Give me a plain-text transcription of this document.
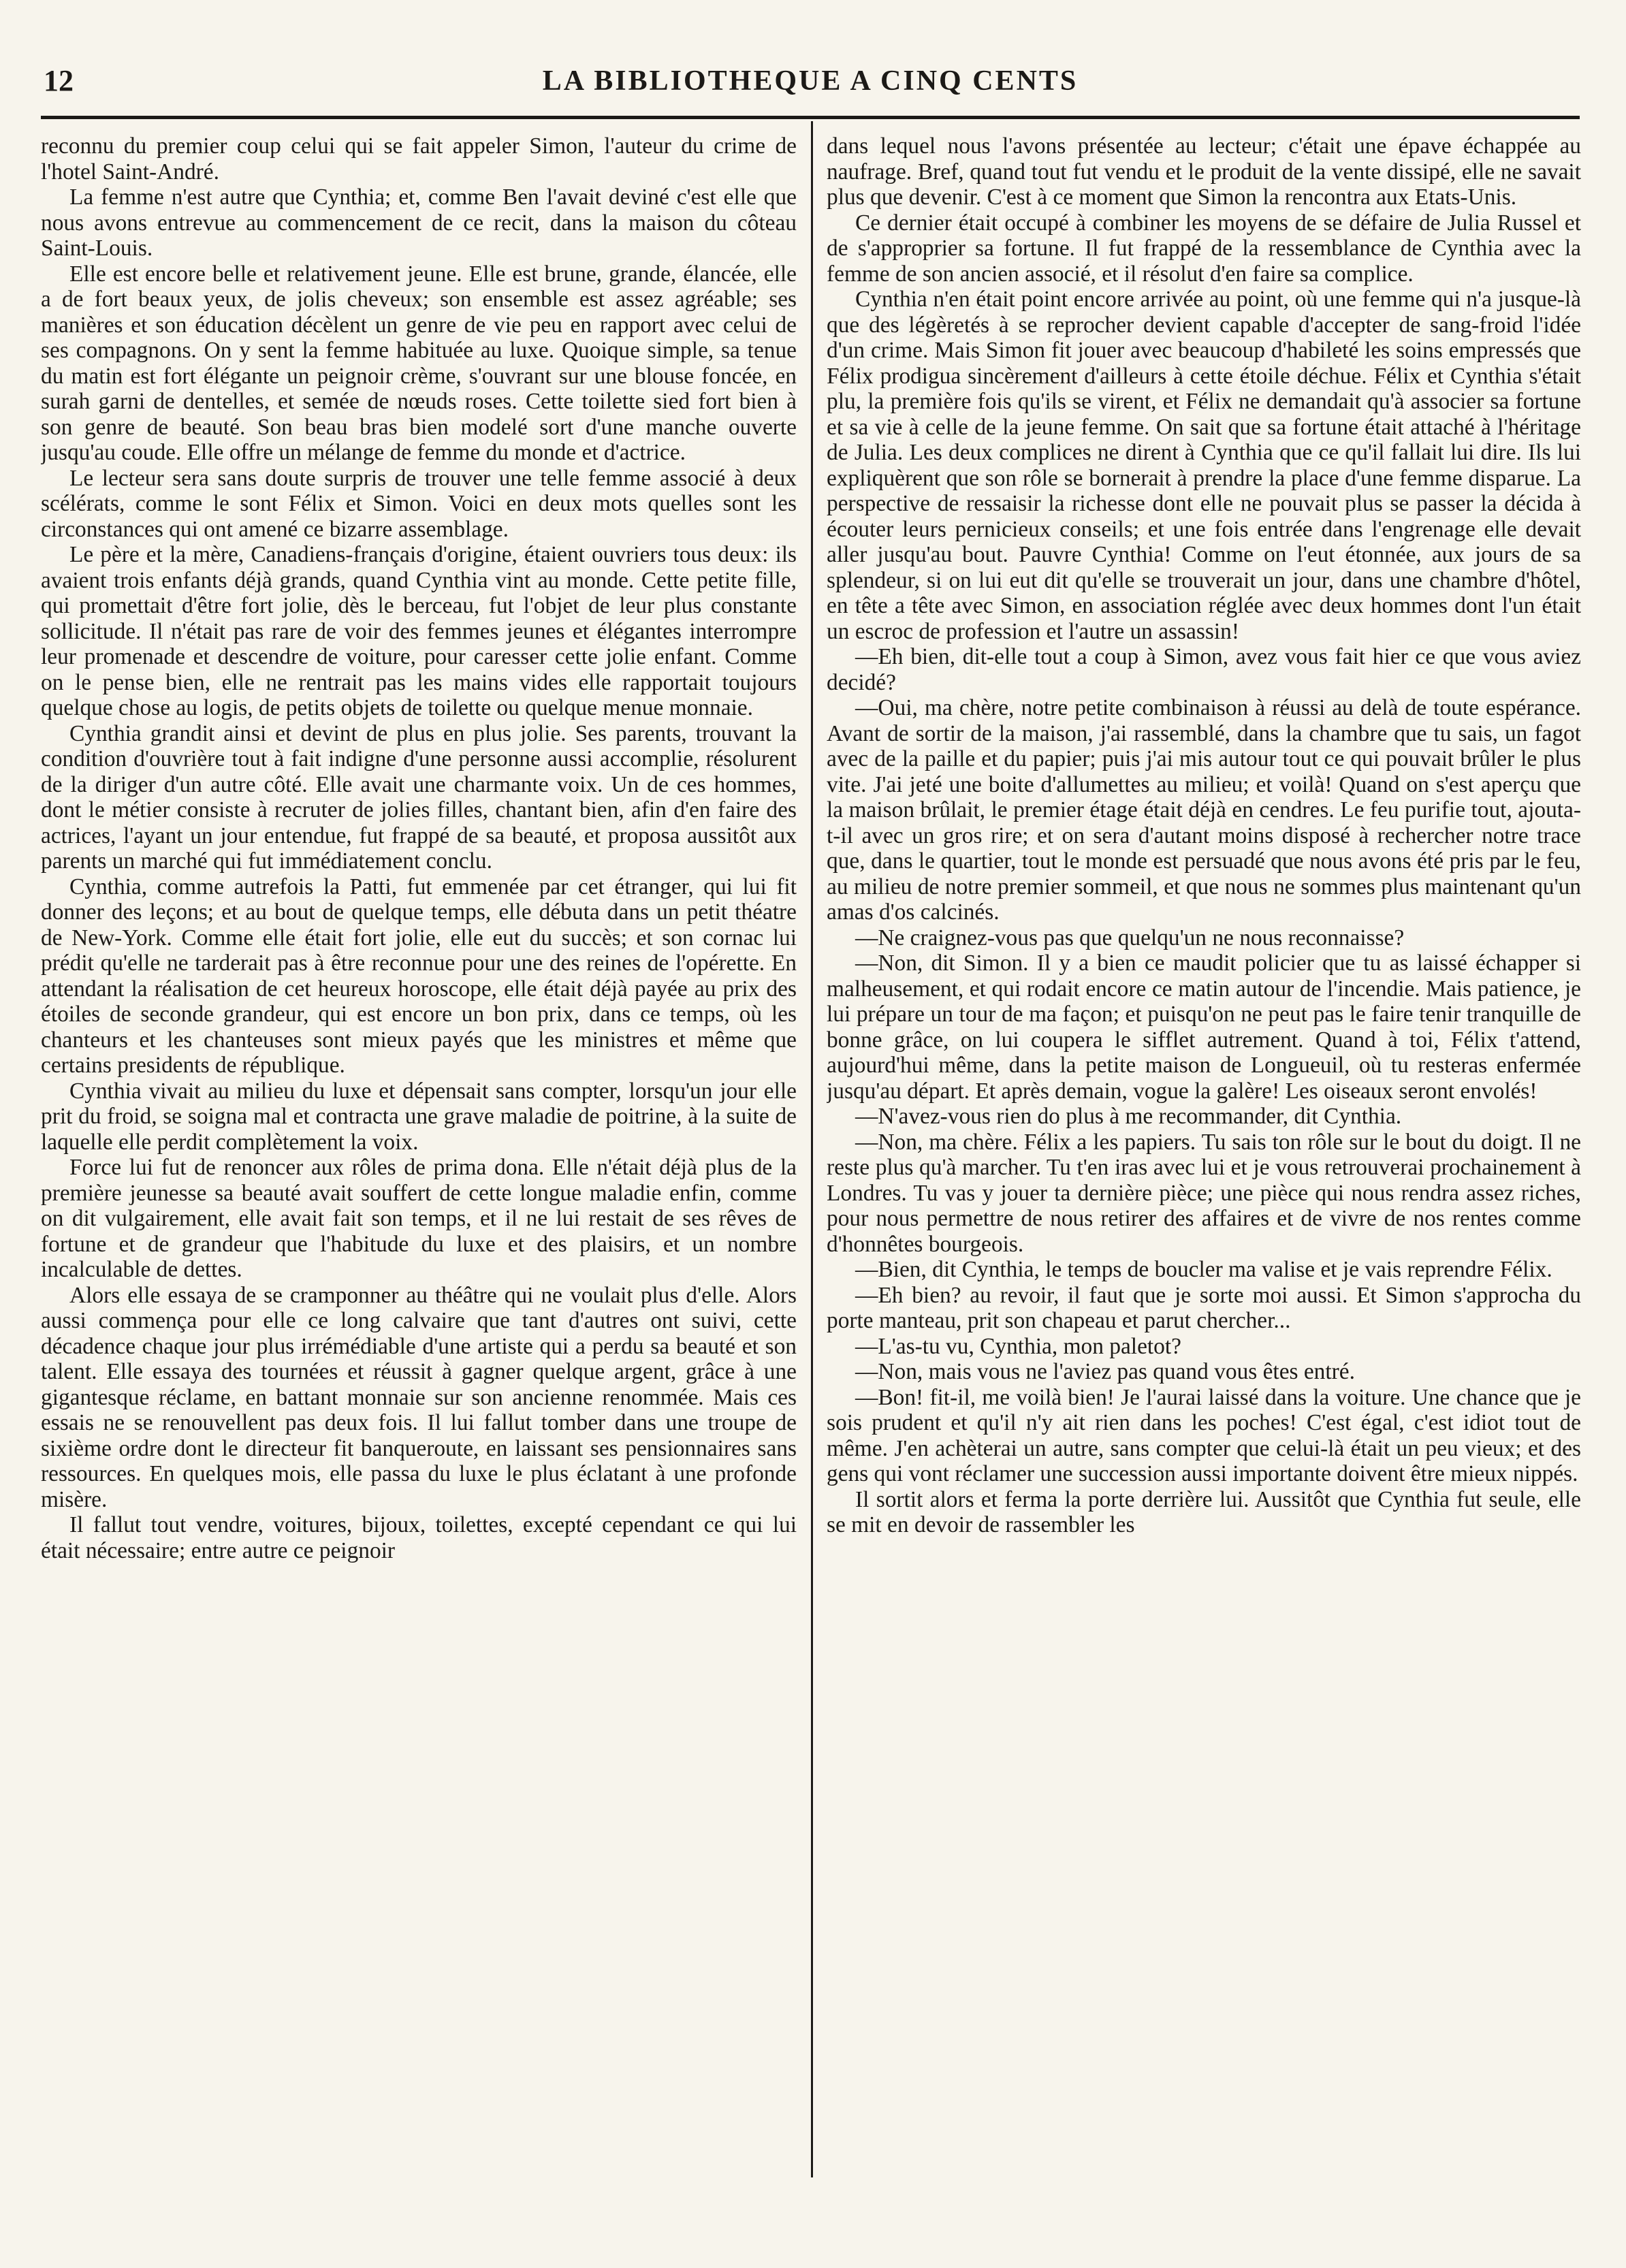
12	LA BIBLIOTHEQUE A CINQ CENTS

reconnu du premier coup celui qui se fait appeler Simon, l'auteur du crime de l'hotel Saint-André.

La femme n'est autre que Cynthia; et, comme Ben l'avait deviné c'est elle que nous avons entrevue au commencement de ce recit, dans la maison du côteau Saint-Louis.

Elle est encore belle et relativement jeune. Elle est brune, grande, élancée, elle a de fort beaux yeux, de jolis cheveux; son ensemble est assez agréable; ses manières et son éducation décèlent un genre de vie peu en rapport avec celui de ses compagnons. On y sent la femme habituée au luxe. Quoique simple, sa tenue du matin est fort élégante un peignoir crème, s'ouvrant sur une blouse foncée, en surah garni de dentelles, et semée de nœuds roses. Cette toilette sied fort bien à son genre de beauté. Son beau bras bien modelé sort d'une manche ouverte jusqu'au coude. Elle offre un mélange de femme du monde et d'actrice.

Le lecteur sera sans doute surpris de trouver une telle femme associé à deux scélérats, comme le sont Félix et Simon. Voici en deux mots quelles sont les circonstances qui ont amené ce bizarre assemblage.

Le père et la mère, Canadiens-français d'origine, étaient ouvriers tous deux: ils avaient trois enfants déjà grands, quand Cynthia vint au monde. Cette petite fille, qui promettait d'être fort jolie, dès le berceau, fut l'objet de leur plus constante sollicitude. Il n'était pas rare de voir des femmes jeunes et élégantes interrompre leur promenade et descendre de voiture, pour caresser cette jolie enfant. Comme on le pense bien, elle ne rentrait pas les mains vides elle rapportait toujours quelque chose au logis, de petits objets de toilette ou quelque menue monnaie.

Cynthia grandit ainsi et devint de plus en plus jolie. Ses parents, trouvant la condition d'ouvrière tout à fait indigne d'une personne aussi accomplie, résolurent de la diriger d'un autre côté. Elle avait une charmante voix. Un de ces hommes, dont le métier consiste à recruter de jolies filles, chantant bien, afin d'en faire des actrices, l'ayant un jour entendue, fut frappé de sa beauté, et proposa aussitôt aux parents un marché qui fut immédiatement conclu.

Cynthia, comme autrefois la Patti, fut emmenée par cet étranger, qui lui fit donner des leçons; et au bout de quelque temps, elle débuta dans un petit théatre de New-York. Comme elle était fort jolie, elle eut du succès; et son cornac lui prédit qu'elle ne tarderait pas à être reconnue pour une des reines de l'opérette. En attendant la réalisation de cet heureux horoscope, elle était déjà payée au prix des étoiles de seconde grandeur, qui est encore un bon prix, dans ce temps, où les chanteurs et les chanteuses sont mieux payés que les ministres et même que certains presidents de république.

Cynthia vivait au milieu du luxe et dépensait sans compter, lorsqu'un jour elle prit du froid, se soigna mal et contracta une grave maladie de poitrine, à la suite de laquelle elle perdit complètement la voix.

Force lui fut de renoncer aux rôles de prima dona. Elle n'était déjà plus de la première jeunesse sa beauté avait souffert de cette longue maladie enfin, comme on dit vulgairement, elle avait fait son temps, et il ne lui restait de ses rêves de fortune et de grandeur que l'habitude du luxe et des plaisirs, et un nombre incalculable de dettes.

Alors elle essaya de se cramponner au théâtre qui ne voulait plus d'elle. Alors aussi commença pour elle ce long calvaire que tant d'autres ont suivi, cette décadence chaque jour plus irrémédiable d'une artiste qui a perdu sa beauté et son talent. Elle essaya des tournées et réussit à gagner quelque argent, grâce à une gigantesque réclame, en battant monnaie sur son ancienne renommée. Mais ces essais ne se renouvellent pas deux fois. Il lui fallut tomber dans une troupe de sixième ordre dont le directeur fit banqueroute, en laissant ses pensionnaires sans ressources. En quelques mois, elle passa du luxe le plus éclatant à une profonde misère.

Il fallut tout vendre, voitures, bijoux, toilettes, excepté cependant ce qui lui était nécessaire; entre autre ce peignoir

dans lequel nous l'avons présentée au lecteur; c'était une épave échappée au naufrage. Bref, quand tout fut vendu et le produit de la vente dissipé, elle ne savait plus que devenir. C'est à ce moment que Simon la rencontra aux Etats-Unis.

Ce dernier était occupé à combiner les moyens de se défaire de Julia Russel et de s'approprier sa fortune. Il fut frappé de la ressemblance de Cynthia avec la femme de son ancien associé, et il résolut d'en faire sa complice.

Cynthia n'en était point encore arrivée au point, où une femme qui n'a jusque-là que des légèretés à se reprocher devient capable d'accepter de sang-froid l'idée d'un crime. Mais Simon fit jouer avec beaucoup d'habileté les soins empressés que Félix prodigua sincèrement d'ailleurs à cette étoile déchue. Félix et Cynthia s'était plu, la première fois qu'ils se virent, et Félix ne demandait qu'à associer sa fortune et sa vie à celle de la jeune femme. On sait que sa fortune était attaché à l'héritage de Julia. Les deux complices ne dirent à Cynthia que ce qu'il fallait lui dire. Ils lui expliquèrent que son rôle se bornerait à prendre la place d'une femme disparue. La perspective de ressaisir la richesse dont elle ne pouvait plus se passer la décida à écouter leurs pernicieux conseils; et une fois entrée dans l'engrenage elle devait aller jusqu'au bout. Pauvre Cynthia! Comme on l'eut étonnée, aux jours de sa splendeur, si on lui eut dit qu'elle se trouverait un jour, dans une chambre d'hôtel, en tête a tête avec Simon, en association réglée avec deux hommes dont l'un était un escroc de profession et l'autre un assassin!

—Eh bien, dit-elle tout a coup à Simon, avez vous fait hier ce que vous aviez decidé?

—Oui, ma chère, notre petite combinaison à réussi au delà de toute espérance. Avant de sortir de la maison, j'ai rassemblé, dans la chambre que tu sais, un fagot avec de la paille et du papier; puis j'ai mis autour tout ce qui pouvait brûler le plus vite. J'ai jeté une boite d'allumettes au milieu; et voilà! Quand on s'est aperçu que la maison brûlait, le premier étage était déjà en cendres. Le feu purifie tout, ajouta-t-il avec un gros rire; et on sera d'autant moins disposé à rechercher notre trace que, dans le quartier, tout le monde est persuadé que nous avons été pris par le feu, au milieu de notre premier sommeil, et que nous ne sommes plus maintenant qu'un amas d'os calcinés.

—Ne craignez-vous pas que quelqu'un ne nous reconnaisse?

—Non, dit Simon. Il y a bien ce maudit policier que tu as laissé échapper si malheusement, et qui rodait encore ce matin autour de l'incendie. Mais patience, je lui prépare un tour de ma façon; et puisqu'on ne peut pas le faire tenir tranquille de bonne grâce, on lui coupera le sifflet autrement. Quand à toi, Félix t'attend, aujourd'hui même, dans la petite maison de Longueuil, où tu resteras enfermée jusqu'au départ. Et après demain, vogue la galère! Les oiseaux seront envolés!

—N'avez-vous rien do plus à me recommander, dit Cynthia.

—Non, ma chère. Félix a les papiers. Tu sais ton rôle sur le bout du doigt. Il ne reste plus qu'à marcher. Tu t'en iras avec lui et je vous retrouverai prochainement à Londres. Tu vas y jouer ta dernière pièce; une pièce qui nous rendra assez riches, pour nous permettre de nous retirer des affaires et de vivre de nos rentes comme d'honnêtes bourgeois.

—Bien, dit Cynthia, le temps de boucler ma valise et je vais reprendre Félix.

—Eh bien? au revoir, il faut que je sorte moi aussi. Et Simon s'approcha du porte manteau, prit son chapeau et parut chercher...

—L'as-tu vu, Cynthia, mon paletot?

—Non, mais vous ne l'aviez pas quand vous êtes entré.

—Bon! fit-il, me voilà bien! Je l'aurai laissé dans la voiture. Une chance que je sois prudent et qu'il n'y ait rien dans les poches! C'est égal, c'est idiot tout de même. J'en achèterai un autre, sans compter que celui-là était un peu vieux; et des gens qui vont réclamer une succession aussi importante doivent être mieux nippés.

Il sortit alors et ferma la porte derrière lui. Aussitôt que Cynthia fut seule, elle se mit en devoir de rassembler les
